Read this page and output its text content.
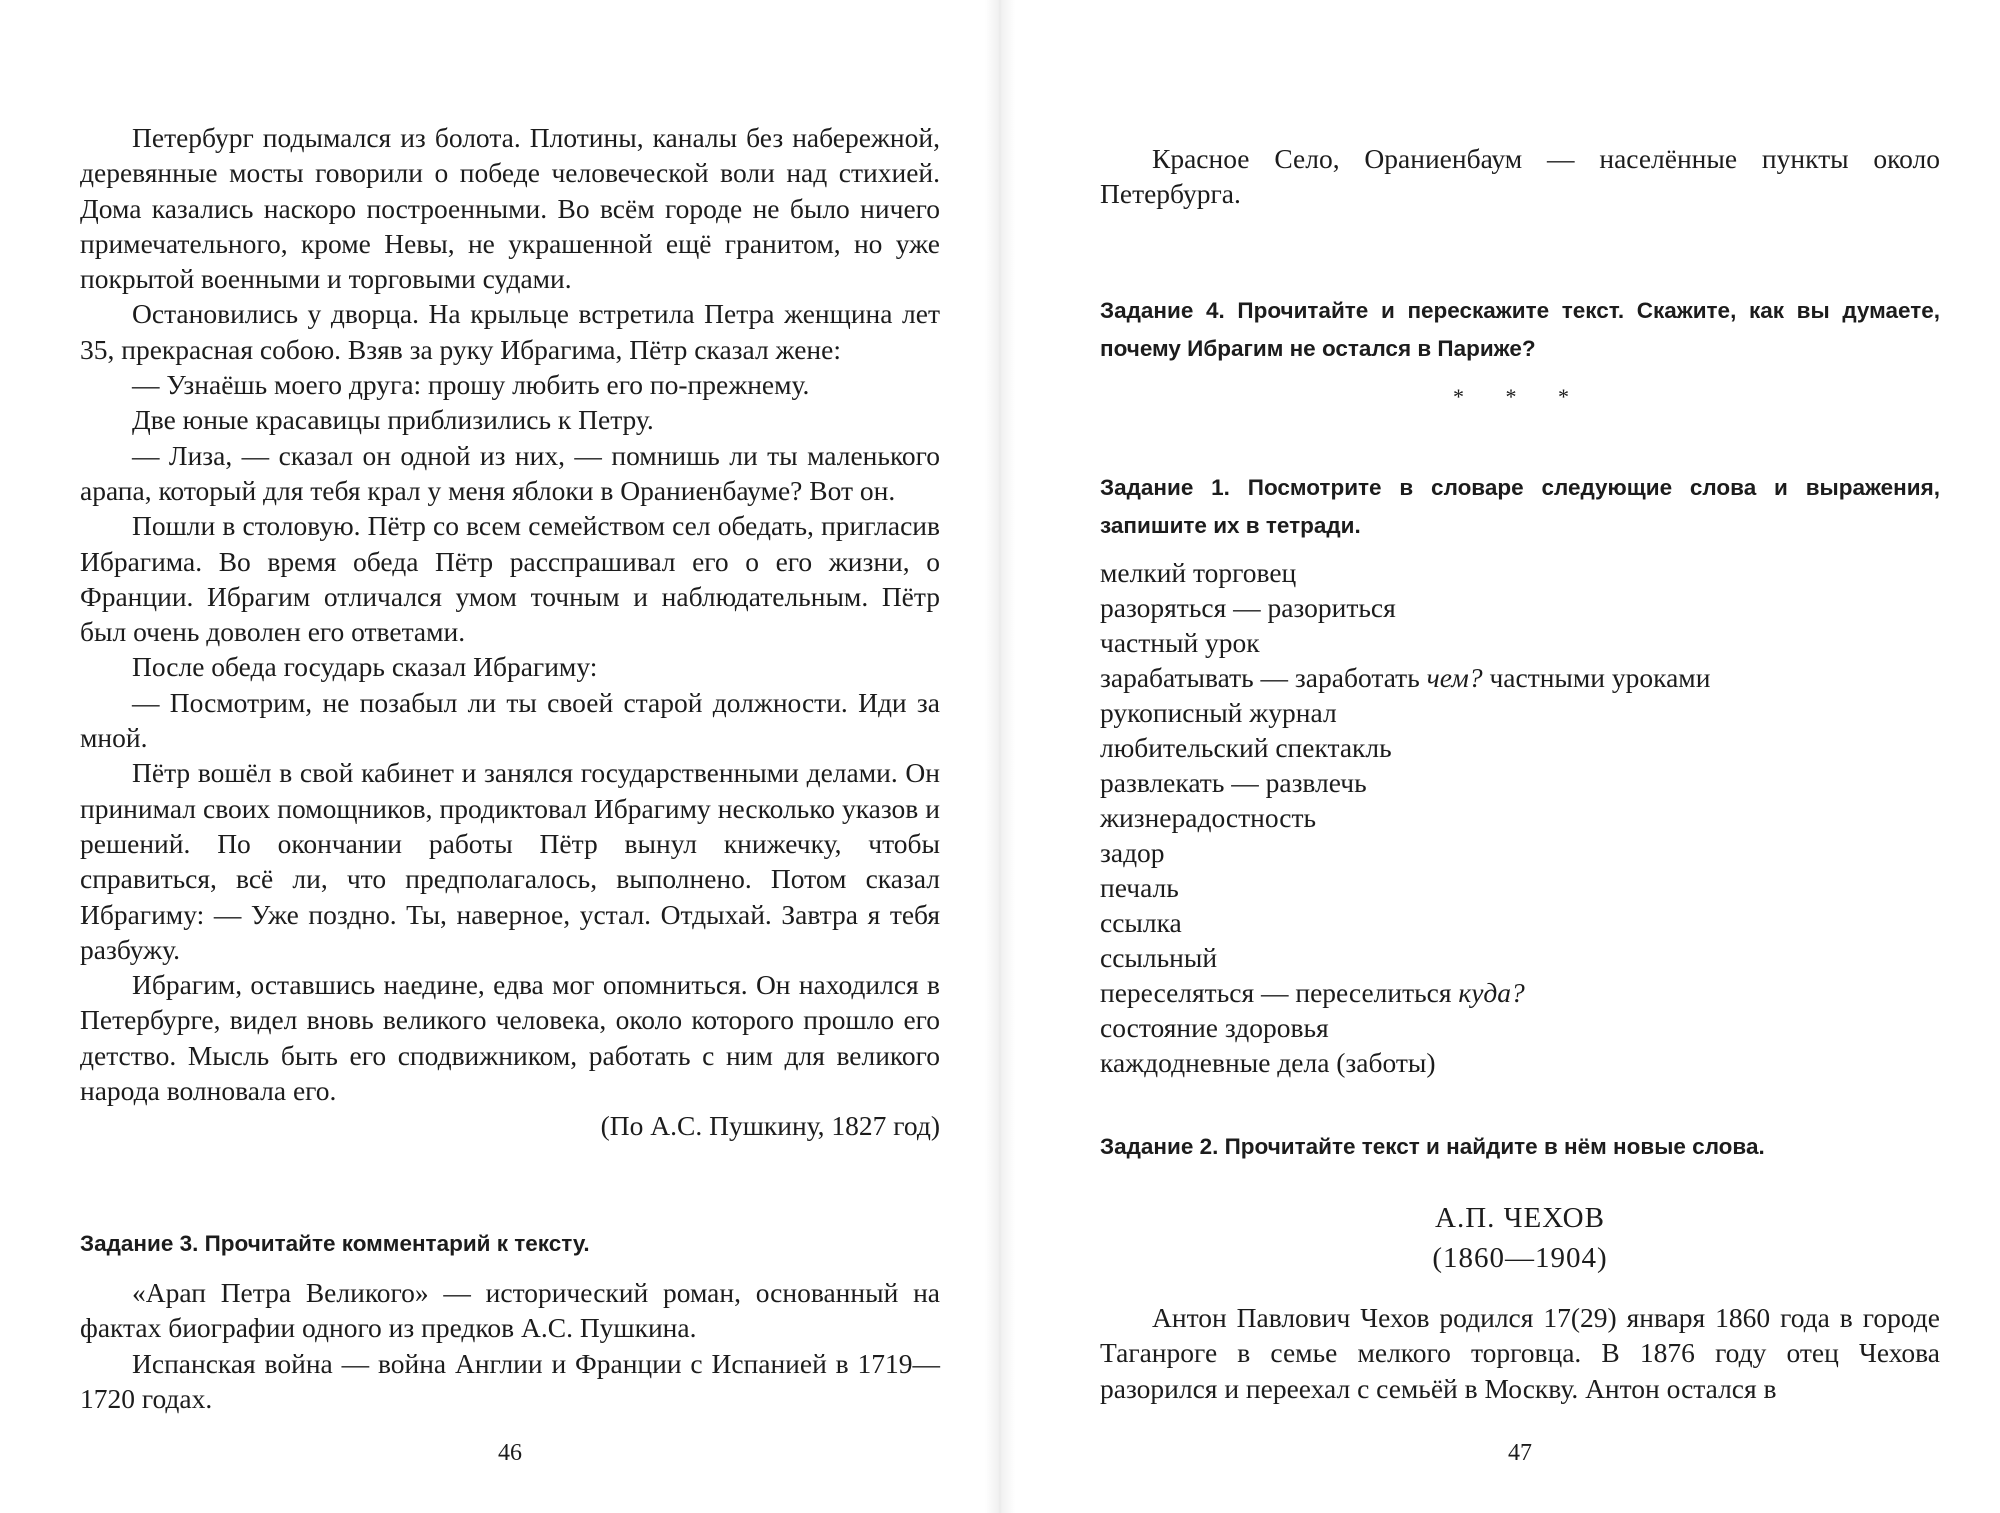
Петербург подымался из болота. Плотины, каналы без набережной, деревянные мосты говорили о победе человеческой воли над стихией. Дома казались наскоро построенными. Во всём городе не было ничего примечательного, кроме Невы, не украшенной ещё гранитом, но уже покрытой военными и торговыми судами.

Остановились у дворца. На крыльце встретила Петра женщина лет 35, прекрасная собою. Взяв за руку Ибрагима, Пётр сказал жене:

— Узнаёшь моего друга: прошу любить его по-прежнему.

Две юные красавицы приблизились к Петру.

— Лиза, — сказал он одной из них, — помнишь ли ты маленького арапа, который для тебя крал у меня яблоки в Ораниенбауме? Вот он.

Пошли в столовую. Пётр со всем семейством сел обедать, пригласив Ибрагима. Во время обеда Пётр расспрашивал его о его жизни, о Франции. Ибрагим отличался умом точным и наблюдательным. Пётр был очень доволен его ответами.

После обеда государь сказал Ибрагиму:

— Посмотрим, не позабыл ли ты своей старой должности. Иди за мной.

Пётр вошёл в свой кабинет и занялся государственными делами. Он принимал своих помощников, продиктовал Ибрагиму несколько указов и решений. По окончании работы Пётр вынул книжечку, чтобы справиться, всё ли, что предполагалось, выполнено. Потом сказал Ибрагиму: — Уже поздно. Ты, наверное, устал. Отдыхай. Завтра я тебя разбужу.

Ибрагим, оставшись наедине, едва мог опомниться. Он находился в Петербурге, видел вновь великого человека, около которого прошло его детство. Мысль быть его сподвижником, работать с ним для великого народа волновала его.

(По А.С. Пушкину, 1827 год)

Задание 3. Прочитайте комментарий к тексту.

«Арап Петра Великого» — исторический роман, основанный на фактах биографии одного из предков А.С. Пушкина.

Испанская война — война Англии и Франции с Испанией в 1719—1720 годах.

46

Красное Село, Ораниенбаум — населённые пункты около Петербурга.

Задание 4. Прочитайте и перескажите текст. Скажите, как вы думаете, почему Ибрагим не остался в Париже?

* * *

Задание 1. Посмотрите в словаре следующие слова и выражения, запишите их в тетради.

мелкий торговец
разоряться — разориться
частный урок
зарабатывать — заработать чем? частными уроками
рукописный журнал
любительский спектакль
развлекать — развлечь
жизнерадостность
задор
печаль
ссылка
ссыльный
переселяться — переселиться куда?
состояние здоровья
каждодневные дела (заботы)

Задание 2. Прочитайте текст и найдите в нём новые слова.

А.П. ЧЕХОВ

(1860—1904)

Антон Павлович Чехов родился 17(29) января 1860 года в городе Таганроге в семье мелкого торговца. В 1876 году отец Чехова разорился и переехал с семьёй в Москву. Антон остался в

47
